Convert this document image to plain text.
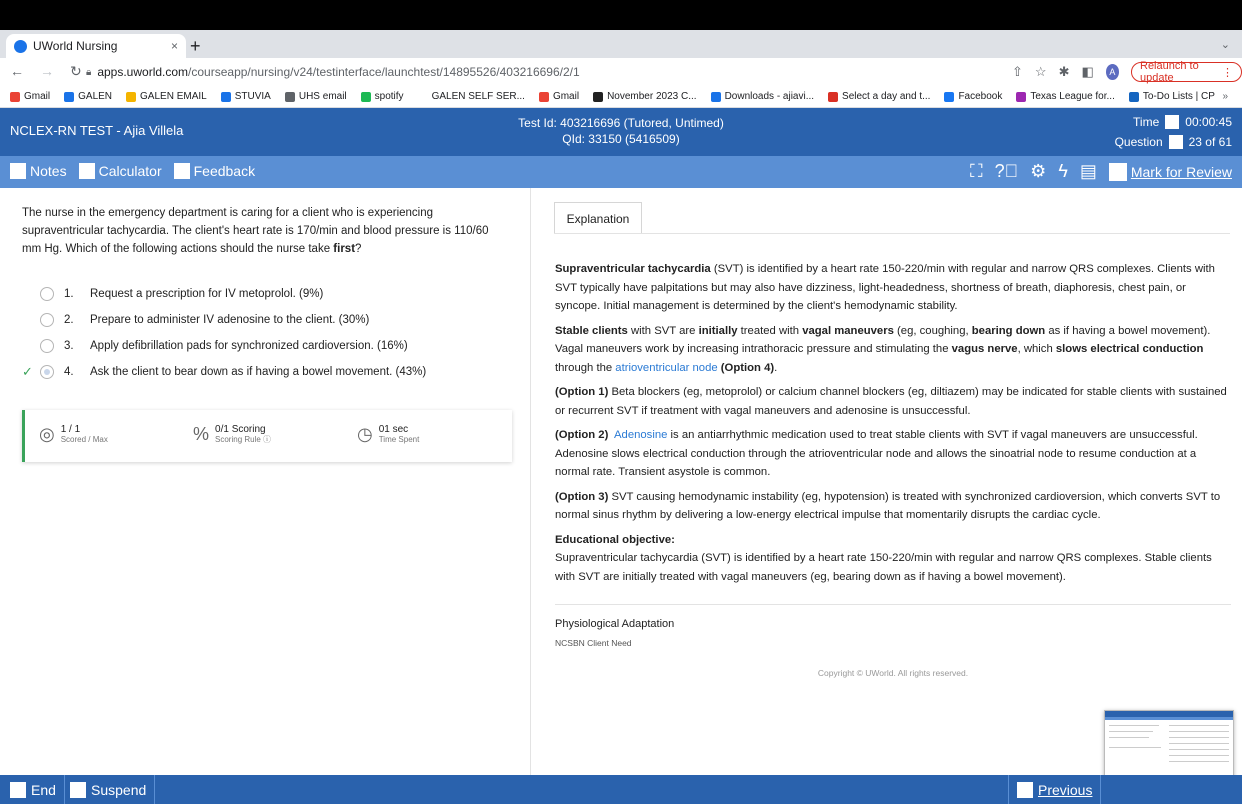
UWorld Nursing	× +	⌄
← → ↻ 🔒︎ apps.uworld.com/courseapp/nursing/v24/testinterface/launchtest/14895526/403216696/2/1	⇧ ☆ ✱ ◧	A	Relaunch to update	⋮
Gmail	GALEN	GALEN EMAIL	STUVIA	UHS email	spotify	GALEN SELF SER...	Gmail	November 2023 C...	Downloads - ajiavi...	Select a day and t...	Facebook	Texas League for...	To-Do Lists | CP »
NCLEX-RN TEST - Ajia Villela	Test Id: 403216696 (Tutored, Untimed)
QId: 33150 (5416509)
Time 00:00:45
Question 23 of 61
Notes Calculator Feedback	⛶ ?⃝ ⚙ ϟ ▤ Mark for Review
The nurse in the emergency department is caring for a client who is experiencing supraventricular tachycardia. The client's heart rate is 170/min and blood pressure is 110/60 mm Hg. Which of the following actions should the nurse take first?
1.	Request a prescription for IV metoprolol. (9%)
2.	Prepare to administer IV adenosine to the client. (30%)
3.	Apply defibrillation pads for synchronized cardioversion. (16%)
✓	4.	Ask the client to bear down as if having a bowel movement. (43%)
◎ 1 / 1
Scored / Max	% 0/1 Scoring
Scoring Rule ⓘ	◷ 01 sec
Time Spent
Explanation

Supraventricular tachycardia (SVT) is identified by a heart rate 150-220/min with regular and narrow QRS complexes. Clients with SVT typically have palpitations but may also have dizziness, light-headedness, shortness of breath, diaphoresis, chest pain, or syncope. Initial management is determined by the client's hemodynamic stability.

Stable clients with SVT are initially treated with vagal maneuvers (eg, coughing, bearing down as if having a bowel movement). Vagal maneuvers work by increasing intrathoracic pressure and stimulating the vagus nerve, which slows electrical conduction through the atrioventricular node (Option 4).

(Option 1) Beta blockers (eg, metoprolol) or calcium channel blockers (eg, diltiazem) may be indicated for stable clients with sustained or recurrent SVT if treatment with vagal maneuvers and adenosine is unsuccessful.

(Option 2) Adenosine is an antiarrhythmic medication used to treat stable clients with SVT if vagal maneuvers are unsuccessful. Adenosine slows electrical conduction through the atrioventricular node and allows the sinoatrial node to resume conduction at a normal rate. Transient asystole is common.

(Option 3) SVT causing hemodynamic instability (eg, hypotension) is treated with synchronized cardioversion, which converts SVT to normal sinus rhythm by delivering a low-energy electrical impulse that momentarily disrupts the cardiac cycle.

Educational objective:

Supraventricular tachycardia (SVT) is identified by a heart rate 150-220/min with regular and narrow QRS complexes. Stable clients with SVT are initially treated with vagal maneuvers (eg, bearing down as if having a bowel movement).

Physiological Adaptation
NCSBN Client Need
Copyright © UWorld. All rights reserved.
End	Suspend	Previous
